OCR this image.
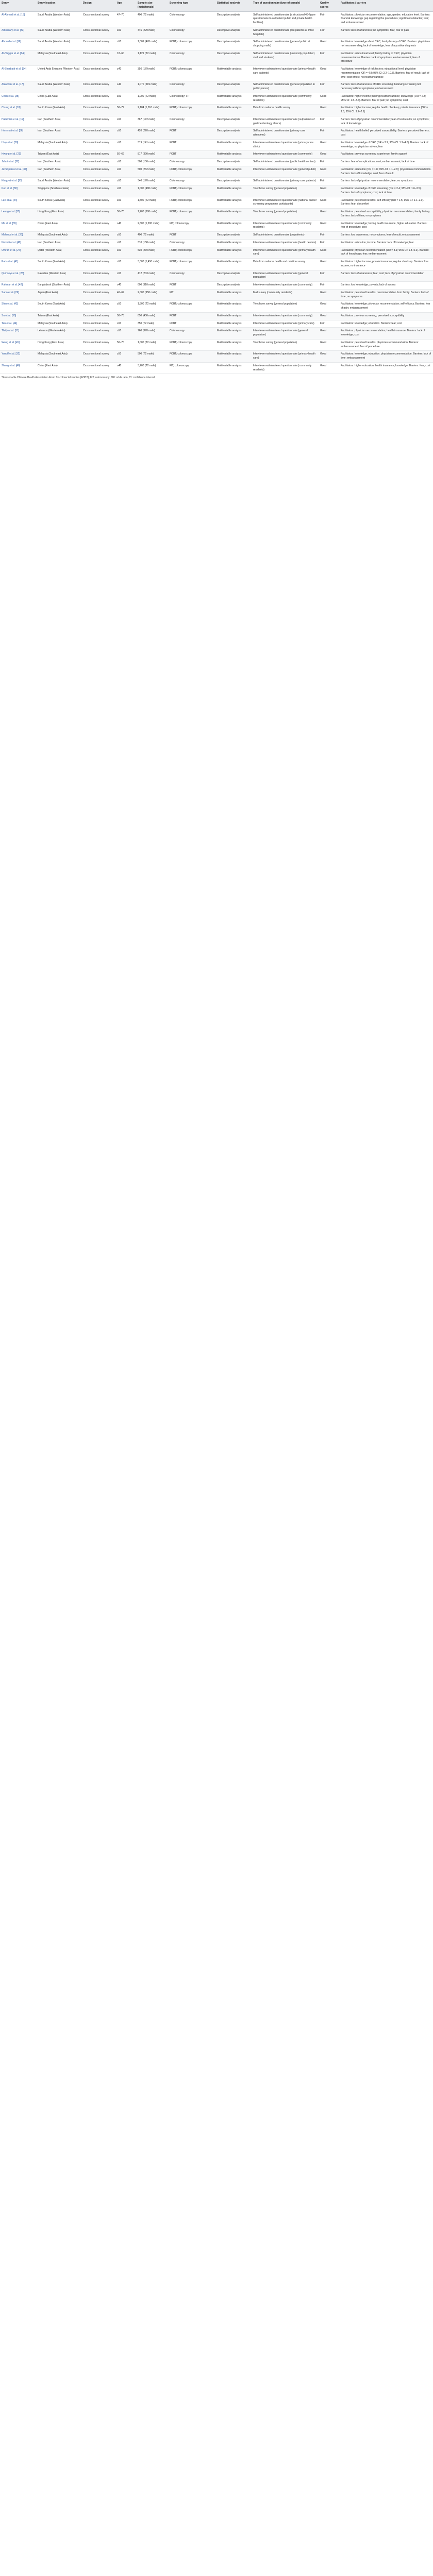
Study	Study location	Design	Age	Sample size (male/female)	Screening type	Statistical analysis	Type of questionnaire (type of sample)	Quality scores	Facilitators / barriers
Al-Ahmadi et al. [15]	Saudi Arabia (Western Asia)	Cross-sectional survey	47–70	400 (T2 male)	Colonoscopy	Descriptive analysis	Self-administered questionnaire (a structured 48-figure questionnaire to outpatient public and private health facilities)	Fair	Facilitators: physician recommendation; age, gender; education level. Barriers: financial knowledge gap regarding the procedures; significant obstacles; fear; and embarrassment
Aldossary et al. [33]	Saudi Arabia (Western Asia)	Cross-sectional survey	≥50	446 (229 male)	Colonoscopy	Descriptive analysis	Self-administered questionnaire (out-patients at three hospitals)	Fair	Barriers: lack of awareness; no symptoms; fear; fear of pain
Ahmed et al. [16]	Saudi Arabia (Western Asia)	Cross-sectional survey	≥50	1,001 (476 male)	FOBT; colonoscopy	Descriptive analysis	Self-administered questionnaire (general public at shopping malls)	Good	Facilitators: knowledge about CRC; family history of CRC. Barriers: physicians not recommending; lack of knowledge; fear of a positive diagnosis
Al-Naggar et al. [14]	Malaysia (Southeast Asia)	Cross-sectional survey	18–60	1,129 (T2 male)	Colonoscopy	Descriptive analysis	Self-administered questionnaire (university population; staff and students)	Fair	Facilitators: educational level; family history of CRC; physician recommendation. Barriers: lack of symptoms; embarrassment; fear of procedure
Al-Sharbatti et al. [34]	United Arab Emirates (Western Asia)	Cross-sectional survey	≥40	356 (179 male)	FOBT; colonoscopy	Multivariable analysis	Interviewer-administered questionnaire (primary health care patients)	Good	Facilitators: knowledge of risk factors; educational level; physician recommendation (OR = 4.8; 95% CI: 2.2–10.5). Barriers: fear of result; lack of time; cost of test; no health insurance
Alzahrani et al. [17]	Saudi Arabia (Western Asia)	Cross-sectional survey	≥40	1,070 (519 male)	Colonoscopy	Descriptive analysis	Self-administered questionnaire (general population in public places)	Fair	Barriers: lack of awareness of CRC screening; believing screening not necessary without symptoms; embarrassment
Chen et al. [35]	China (East Asia)	Cross-sectional survey	≥50	1,000 (T2 male)	Colonoscopy; FIT	Multivariable analysis	Interviewer-administered questionnaire (community residents)	Good	Facilitators: higher income; having health insurance; knowledge (OR = 2.3; 95% CI: 1.5–3.4). Barriers: fear of pain; no symptoms; cost
Chung et al. [18]	South Korea (East Asia)	Cross-sectional survey	50–79	2,104 (1,010 male)	FOBT; colonoscopy	Multivariable analysis	Data from national health survey	Good	Facilitators: higher income; regular health check-up; private insurance (OR = 1.6; 95% CI: 1.2–2.1)
Hatamian et al. [19]	Iran (Southern Asia)	Cross-sectional survey	≥50	367 (172 male)	Colonoscopy	Descriptive analysis	Interviewer-administered questionnaire (outpatients of gastroenterology clinics)	Fair	Barriers: lack of physician recommendation; fear of test results; no symptoms; lack of knowledge
Hemmati et al. [36]	Iran (Southern Asia)	Cross-sectional survey	≥50	420 (220 male)	FOBT	Descriptive analysis	Self-administered questionnaire (primary care attendees)	Fair	Facilitators: health belief; perceived susceptibility. Barriers: perceived barriers; cost
Htay et al. [20]	Malaysia (Southeast Asia)	Cross-sectional survey	≥50	319 (141 male)	FOBT	Multivariable analysis	Interviewer-administered questionnaire (primary care clinic)	Good	Facilitators: knowledge of CRC (OR = 2.2; 95% CI: 1.2–4.0). Barriers: lack of knowledge; no physician advice; fear
Hwang et al. [21]	Taiwan (East Asia)	Cross-sectional survey	50–69	817 (390 male)	FOBT	Multivariable analysis	Interviewer-administered questionnaire (community)	Good	Facilitators: previous screening experience; family support
Jafari et al. [22]	Iran (Southern Asia)	Cross-sectional survey	≥50	300 (150 male)	Colonoscopy	Descriptive analysis	Self-administered questionnaire (public health centers)	Fair	Barriers: fear of complications; cost; embarrassment; lack of time
Javanparast et al. [37]	Iran (Southern Asia)	Cross-sectional survey	≥50	500 (262 male)	FOBT; colonoscopy	Multivariable analysis	Interviewer-administered questionnaire (general public)	Good	Facilitators: education (OR = 1.8; 95% CI: 1.1–2.9); physician recommendation. Barriers: lack of knowledge; cost; fear of result
Khayyat et al. [23]	Saudi Arabia (Western Asia)	Cross-sectional survey	≥50	340 (170 male)	Colonoscopy	Descriptive analysis	Self-administered questionnaire (primary care patients)	Fair	Barriers: lack of physician recommendation; fear; no symptoms
Koo et al. [38]	Singapore (Southeast Asia)	Cross-sectional survey	≥50	1,000 (480 male)	FOBT; colonoscopy	Multivariable analysis	Telephone survey (general population)	Good	Facilitators: knowledge of CRC screening (OR = 2.4; 95% CI: 1.6–3.5). Barriers: lack of symptoms; cost; lack of time
Lee et al. [24]	South Korea (East Asia)	Cross-sectional survey	≥50	1,500 (T2 male)	FOBT; colonoscopy	Multivariable analysis	Interviewer-administered questionnaire (national cancer screening programme participants)	Good	Facilitators: perceived benefits; self-efficacy (OR = 1.5; 95% CI: 1.1–2.0). Barriers: fear; discomfort
Leung et al. [25]	Hong Kong (East Asia)	Cross-sectional survey	50–70	1,200 (600 male)	FOBT; colonoscopy	Multivariable analysis	Telephone survey (general population)	Good	Facilitators: perceived susceptibility; physician recommendation; family history. Barriers: lack of time; no symptoms
Ma et al. [39]	China (East Asia)	Cross-sectional survey	≥40	2,500 (1,200 male)	FIT; colonoscopy	Multivariable analysis	Interviewer-administered questionnaire (community residents)	Good	Facilitators: knowledge; having health insurance; higher education. Barriers: fear of procedure; cost
Mahmud et al. [26]	Malaysia (Southeast Asia)	Cross-sectional survey	≥50	400 (T2 male)	FOBT	Descriptive analysis	Self-administered questionnaire (outpatients)	Fair	Barriers: low awareness; no symptoms; fear of result; embarrassment
Nemati et al. [40]	Iran (Southern Asia)	Cross-sectional survey	≥50	310 (158 male)	Colonoscopy	Multivariable analysis	Interviewer-administered questionnaire (health centers)	Fair	Facilitators: education; income. Barriers: lack of knowledge; fear
Omran et al. [27]	Qatar (Western Asia)	Cross-sectional survey	≥50	530 (270 male)	FOBT; colonoscopy	Multivariable analysis	Interviewer-administered questionnaire (primary health care)	Good	Facilitators: physician recommendation (OR = 3.1; 95% CI: 1.8–5.2). Barriers: lack of knowledge; fear; embarrassment
Park et al. [41]	South Korea (East Asia)	Cross-sectional survey	≥50	3,000 (1,450 male)	FOBT; colonoscopy	Multivariable analysis	Data from national health and nutrition survey	Good	Facilitators: higher income; private insurance; regular check-up. Barriers: low income; no insurance
Qumseya et al. [28]	Palestine (Western Asia)	Cross-sectional survey	≥50	412 (203 male)	Colonoscopy	Descriptive analysis	Interviewer-administered questionnaire (general population)	Fair	Barriers: lack of awareness; fear; cost; lack of physician recommendation
Rahman et al. [42]	Bangladesh (Southern Asia)	Cross-sectional survey	≥40	600 (310 male)	FOBT	Descriptive analysis	Interviewer-administered questionnaire (community)	Fair	Barriers: low knowledge; poverty; lack of access
Sano et al. [29]	Japan (East Asia)	Cross-sectional survey	40–69	2,000 (950 male)	FIT	Multivariable analysis	Mail survey (community residents)	Good	Facilitators: perceived benefits; recommendation from family. Barriers: lack of time; no symptoms
Shin et al. [43]	South Korea (East Asia)	Cross-sectional survey	≥50	1,800 (T2 male)	FOBT; colonoscopy	Multivariable analysis	Telephone survey (general population)	Good	Facilitators: knowledge; physician recommendation; self-efficacy. Barriers: fear of pain; embarrassment
Su et al. [30]	Taiwan (East Asia)	Cross-sectional survey	50–75	850 (400 male)	FOBT	Multivariable analysis	Interviewer-administered questionnaire (community)	Good	Facilitators: previous screening; perceived susceptibility
Tan et al. [44]	Malaysia (Southeast Asia)	Cross-sectional survey	≥50	350 (T2 male)	FOBT	Multivariable analysis	Interviewer-administered questionnaire (primary care)	Fair	Facilitators: knowledge; education. Barriers: fear; cost
Tfaily et al. [31]	Lebanon (Western Asia)	Cross-sectional survey	≥50	760 (370 male)	Colonoscopy	Multivariable analysis	Interviewer-administered questionnaire (general population)	Good	Facilitators: physician recommendation; health insurance. Barriers: lack of knowledge; cost
Wong et al. [45]	Hong Kong (East Asia)	Cross-sectional survey	50–70	1,000 (T2 male)	FOBT; colonoscopy	Multivariable analysis	Telephone survey (general population)	Good	Facilitators: perceived benefits; physician recommendation. Barriers: embarrassment; fear of procedure
Yusoff et al. [32]	Malaysia (Southeast Asia)	Cross-sectional survey	≥50	500 (T2 male)	FOBT; colonoscopy	Multivariable analysis	Interviewer-administered questionnaire (primary health care)	Good	Facilitators: knowledge; education; physician recommendation. Barriers: lack of time; embarrassment
Zhang et al. [46]	China (East Asia)	Cross-sectional survey	≥40	3,200 (T2 male)	FIT; colonoscopy	Multivariable analysis	Interviewer-administered questionnaire (community residents)	Good	Facilitators: higher education; health insurance; knowledge. Barriers: fear; cost
*Reasonable Chinese Health Association Form for colorectal studies (FOBT); FIT; colonoscopy; OR: odds ratio; CI: confidence interval.
